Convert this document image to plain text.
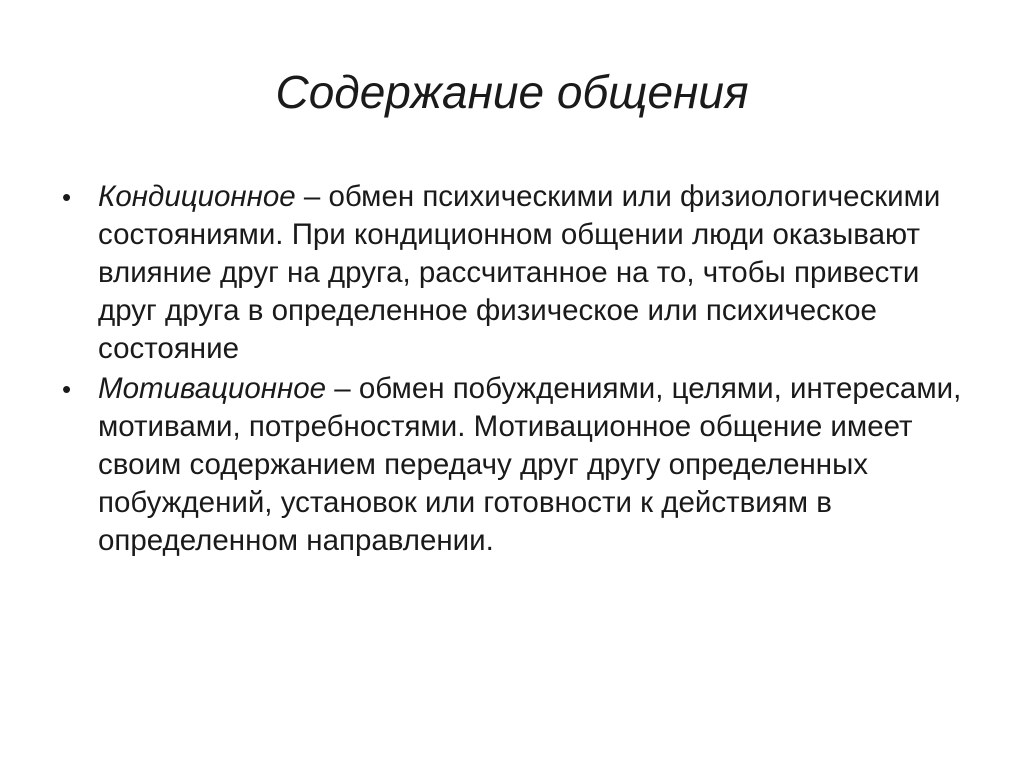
Содержание общения
• Кондиционное – обмен психическими или физиологическими состояниями. При кондиционном общении люди оказывают влияние друг на друга, рассчитанное на то, чтобы привести друг друга в определенное физическое или психическое состояние
• Мотивационное – обмен побуждениями, целями, интересами, мотивами, потребностями. Мотивационное общение имеет своим содержанием передачу друг другу определенных побуждений, установок или готовности к действиям в определенном направлении.
